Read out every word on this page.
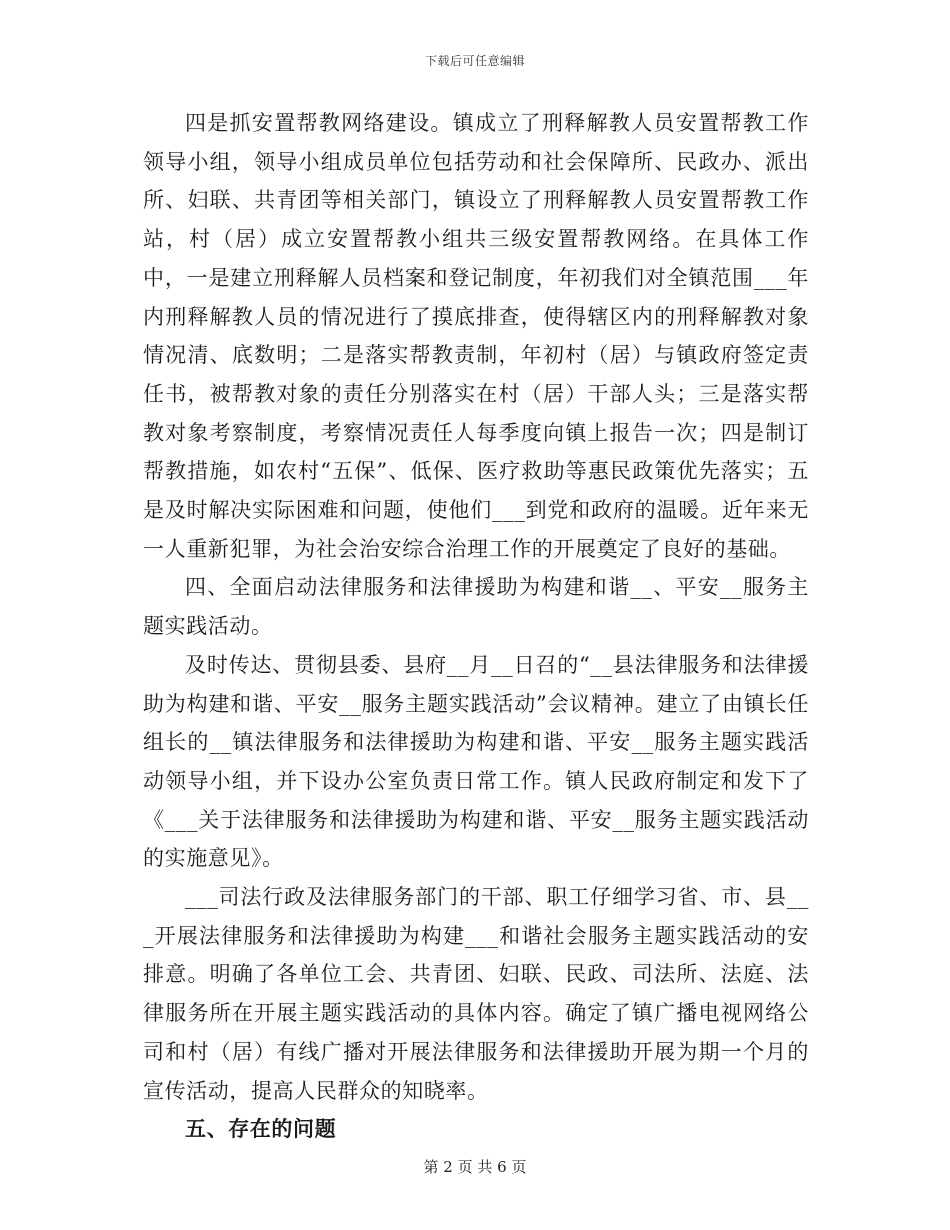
下载后可任意编辑

四是抓安置帮教网络建设。镇成立了刑释解教人员安置帮教工作领导小组，领导小组成员单位包括劳动和社会保障所、民政办、派出所、妇联、共青团等相关部门，镇设立了刑释解教人员安置帮教工作站，村（居）成立安置帮教小组共三级安置帮教网络。在具体工作中，一是建立刑释解人员档案和登记制度，年初我们对全镇范围___年内刑释解教人员的情况进行了摸底排查，使得辖区内的刑释解教对象情况清、底数明；二是落实帮教责制，年初村（居）与镇政府签定责任书，被帮教对象的责任分别落实在村（居）干部人头；三是落实帮教对象考察制度，考察情况责任人每季度向镇上报告一次；四是制订帮教措施，如农村“五保”、低保、医疗救助等惠民政策优先落实；五是及时解决实际困难和问题，使他们___到党和政府的温暖。近年来无一人重新犯罪，为社会治安综合治理工作的开展奠定了良好的基础。

四、全面启动法律服务和法律援助为构建和谐__、平安__服务主题实践活动。

及时传达、贯彻县委、县府__月__日召的“__县法律服务和法律援助为构建和谐、平安__服务主题实践活动”会议精神。建立了由镇长任组长的__镇法律服务和法律援助为构建和谐、平安__服务主题实践活动领导小组，并下设办公室负责日常工作。镇人民政府制定和发下了《___关于法律服务和法律援助为构建和谐、平安__服务主题实践活动的实施意见》。

___司法行政及法律服务部门的干部、职工仔细学习省、市、县___开展法律服务和法律援助为构建___和谐社会服务主题实践活动的安排意。明确了各单位工会、共青团、妇联、民政、司法所、法庭、法律服务所在开展主题实践活动的具体内容。确定了镇广播电视网络公司和村（居）有线广播对开展法律服务和法律援助开展为期一个月的宣传活动，提高人民群众的知晓率。

五、存在的问题

第 2 页 共 6 页
